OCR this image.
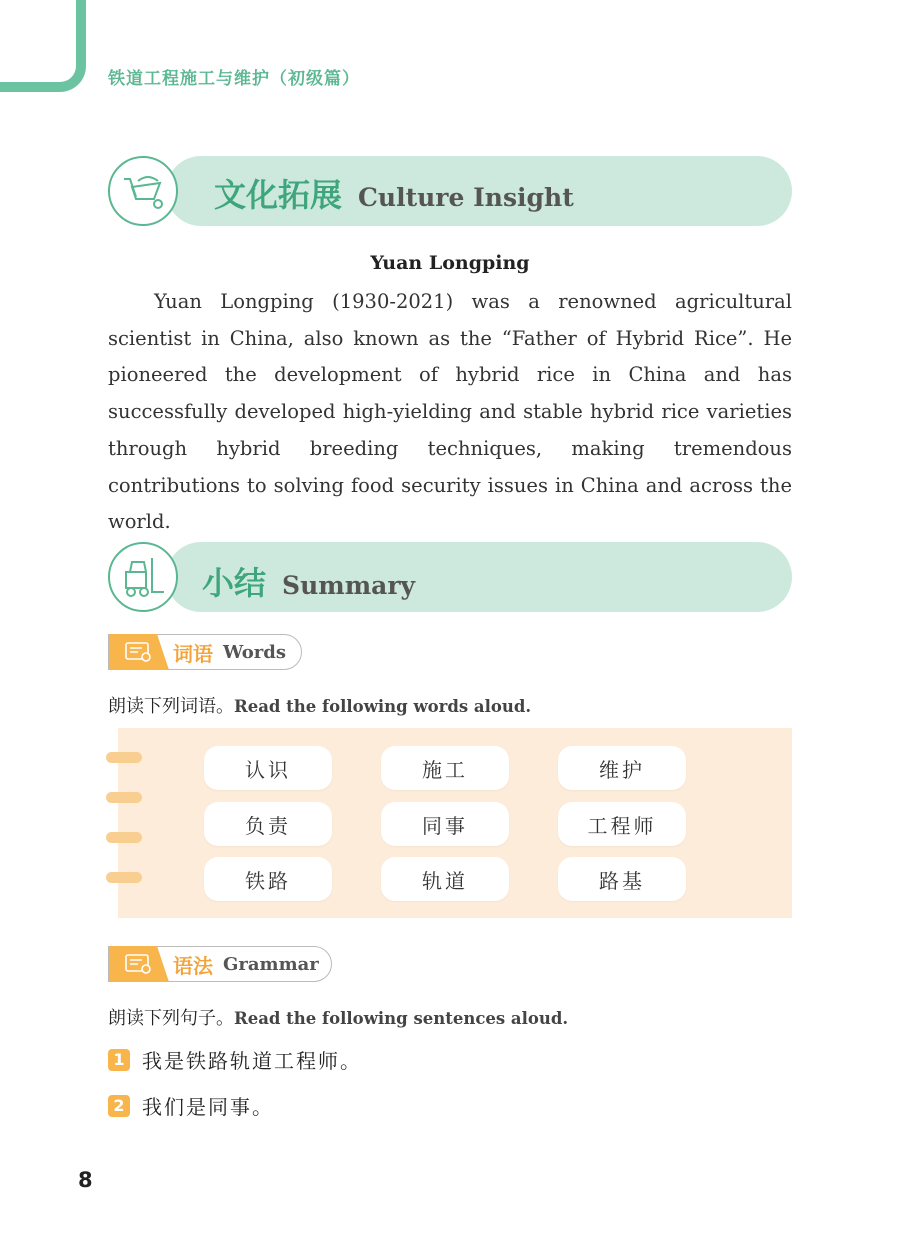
铁道工程施工与维护（初级篇）
文化拓展 Culture Insight
Yuan Longping
Yuan Longping (1930-2021) was a renowned agricultural scientist in China, also known as the “Father of Hybrid Rice”. He pioneered the development of hybrid rice in China and has successfully developed high-yielding and stable hybrid rice varieties through hybrid breeding techniques, making tremendous contributions to solving food security issues in China and across the world.
小结 Summary
词语 Words
朗读下列词语。Read the following words aloud.
认识	施工	维护
负责	同事	工程师
铁路	轨道	路基
语法 Grammar
朗读下列句子。Read the following sentences aloud.
1 我是铁路轨道工程师。
2 我们是同事。
8
